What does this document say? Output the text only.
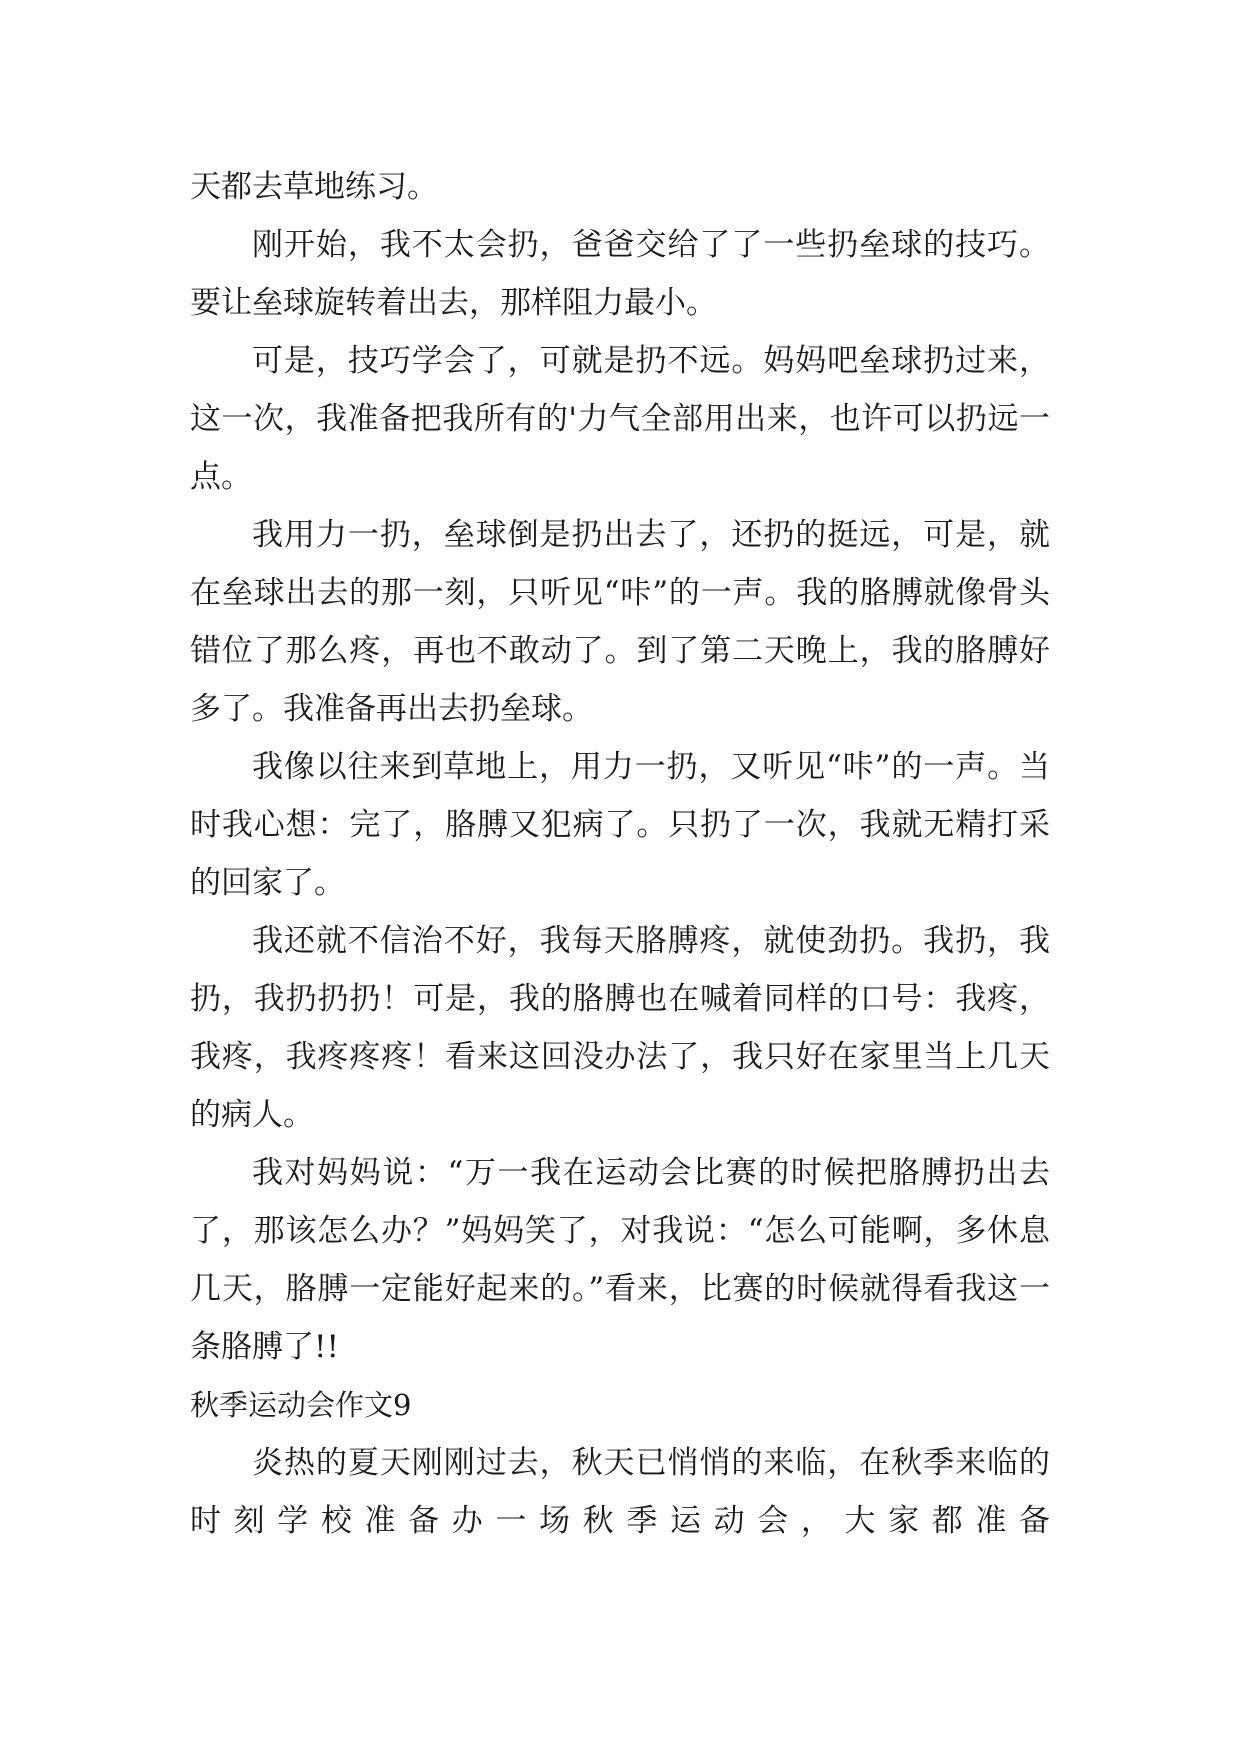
天都去草地练习。

刚开始，我不太会扔，爸爸交给了了一些扔垒球的技巧。要让垒球旋转着出去，那样阻力最小。

可是，技巧学会了，可就是扔不远。妈妈吧垒球扔过来，这一次，我准备把我所有的'力气全部用出来，也许可以扔远一点。

我用力一扔，垒球倒是扔出去了，还扔的挺远，可是，就在垒球出去的那一刻，只听见“咔”的一声。我的胳膊就像骨头错位了那么疼，再也不敢动了。到了第二天晚上，我的胳膊好多了。我准备再出去扔垒球。

我像以往来到草地上，用力一扔，又听见“咔”的一声。当时我心想：完了，胳膊又犯病了。只扔了一次，我就无精打采的回家了。

我还就不信治不好，我每天胳膊疼，就使劲扔。我扔，我扔，我扔扔扔！可是，我的胳膊也在喊着同样的口号：我疼，我疼，我疼疼疼！看来这回没办法了，我只好在家里当上几天的病人。

我对妈妈说：“万一我在运动会比赛的时候把胳膊扔出去了，那该怎么办？”妈妈笑了，对我说：“怎么可能啊，多休息几天，胳膊一定能好起来的。”看来，比赛的时候就得看我这一条胳膊了!!

秋季运动会作文9

炎热的夏天刚刚过去，秋天已悄悄的来临，在秋季来临的时刻学校准备办一场秋季运动会，大家都准备
